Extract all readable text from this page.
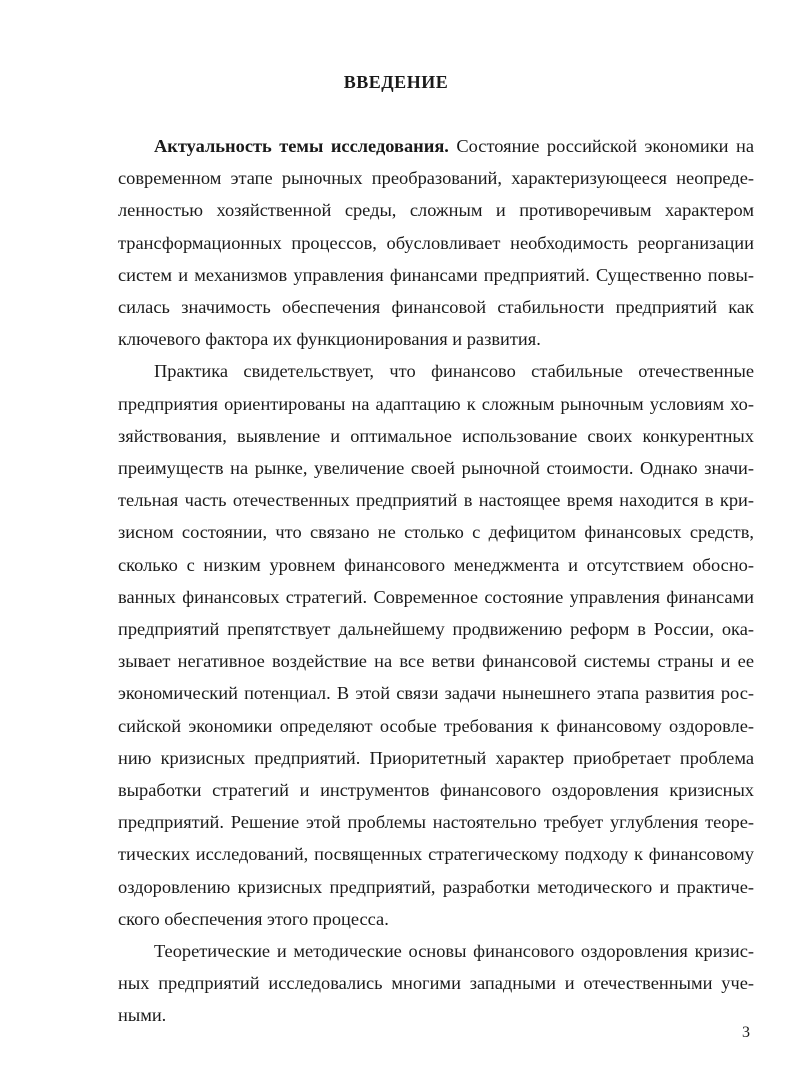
ВВЕДЕНИЕ

Актуальность темы исследования. Состояние российской экономики на современном этапе рыночных преобразований, характеризующееся неопределенностью хозяйственной среды, сложным и противоречивым характером трансформационных процессов, обусловливает необходимость реорганизации систем и механизмов управления финансами предприятий. Существенно повысилась значимость обеспечения финансовой стабильности предприятий как ключевого фактора их функционирования и развития.

Практика свидетельствует, что финансово стабильные отечественные предприятия ориентированы на адаптацию к сложным рыночным условиям хозяйствования, выявление и оптимальное использование своих конкурентных преимуществ на рынке, увеличение своей рыночной стоимости. Однако значительная часть отечественных предприятий в настоящее время находится в кризисном состоянии, что связано не столько с дефицитом финансовых средств, сколько с низким уровнем финансового менеджмента и отсутствием обоснованных финансовых стратегий. Современное состояние управления финансами предприятий препятствует дальнейшему продвижению реформ в России, оказывает негативное воздействие на все ветви финансовой системы страны и ее экономический потенциал. В этой связи задачи нынешнего этапа развития российской экономики определяют особые требования к финансовому оздоровлению кризисных предприятий. Приоритетный характер приобретает проблема выработки стратегий и инструментов финансового оздоровления кризисных предприятий. Решение этой проблемы настоятельно требует углубления теоретических исследований, посвященных стратегическому подходу к финансовому оздоровлению кризисных предприятий, разработки методического и практического обеспечения этого процесса.

Теоретические и методические основы финансового оздоровления кризисных предприятий исследовались многими западными и отечественными учеными.

3
